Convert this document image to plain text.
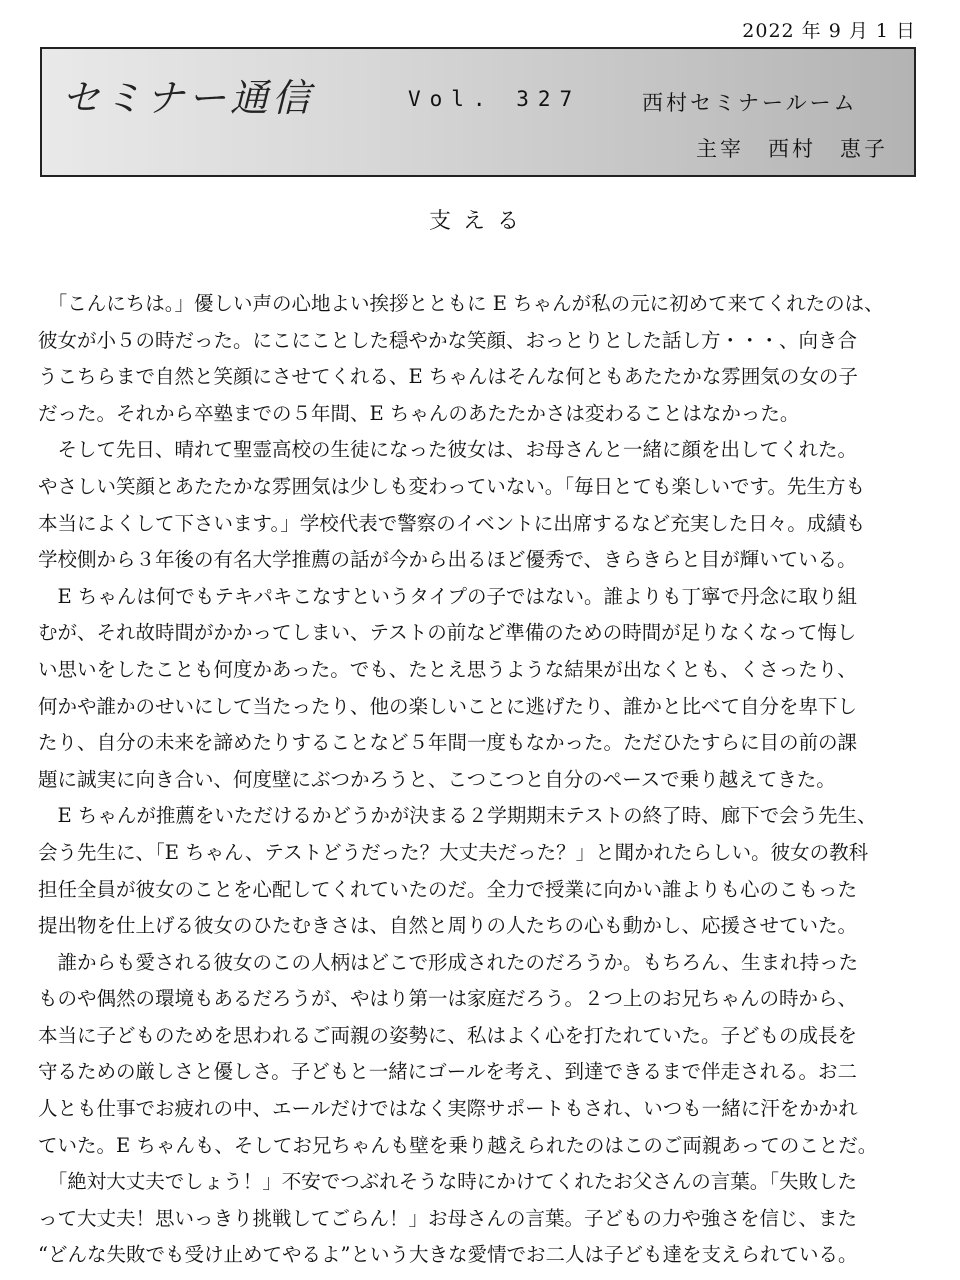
2022 年 9 月 1 日
セミナー通信	Vol. 327	西村セミナールーム
主宰　西村　恵子
支える
　「こんにちは。」優しい声の心地よい挨拶とともに E ちゃんが私の元に初めて来てくれたのは、
彼女が小５の時だった。にこにことした穏やかな笑顔、おっとりとした話し方・・・、向き合
うこちらまで自然と笑顔にさせてくれる、E ちゃんはそんな何ともあたたかな雰囲気の女の子
だった。それから卒塾までの５年間、E ちゃんのあたたかさは変わることはなかった。
　そして先日、晴れて聖霊高校の生徒になった彼女は、お母さんと一緒に顔を出してくれた。
やさしい笑顔とあたたかな雰囲気は少しも変わっていない。「毎日とても楽しいです。先生方も
本当によくして下さいます。」学校代表で警察のイベントに出席するなど充実した日々。成績も
学校側から３年後の有名大学推薦の話が今から出るほど優秀で、きらきらと目が輝いている。
　E ちゃんは何でもテキパキこなすというタイプの子ではない。誰よりも丁寧で丹念に取り組
むが、それ故時間がかかってしまい、テストの前など準備のための時間が足りなくなって悔し
い思いをしたことも何度かあった。でも、たとえ思うような結果が出なくとも、くさったり、
何かや誰かのせいにして当たったり、他の楽しいことに逃げたり、誰かと比べて自分を卑下し
たり、自分の未来を諦めたりすることなど５年間一度もなかった。ただひたすらに目の前の課
題に誠実に向き合い、何度壁にぶつかろうと、こつこつと自分のペースで乗り越えてきた。
　E ちゃんが推薦をいただけるかどうかが決まる２学期期末テストの終了時、廊下で会う先生、
会う先生に、「E ちゃん、テストどうだった？大丈夫だった？」と聞かれたらしい。彼女の教科
担任全員が彼女のことを心配してくれていたのだ。全力で授業に向かい誰よりも心のこもった
提出物を仕上げる彼女のひたむきさは、自然と周りの人たちの心も動かし、応援させていた。
　誰からも愛される彼女のこの人柄はどこで形成されたのだろうか。もちろん、生まれ持った
ものや偶然の環境もあるだろうが、やはり第一は家庭だろう。２つ上のお兄ちゃんの時から、
本当に子どものためを思われるご両親の姿勢に、私はよく心を打たれていた。子どもの成長を
守るための厳しさと優しさ。子どもと一緒にゴールを考え、到達できるまで伴走される。お二
人とも仕事でお疲れの中、エールだけではなく実際サポートもされ、いつも一緒に汗をかかれ
ていた。E ちゃんも、そしてお兄ちゃんも壁を乗り越えられたのはこのご両親あってのことだ。
　「絶対大丈夫でしょう！」不安でつぶれそうな時にかけてくれたお父さんの言葉。「失敗した
って大丈夫！思いっきり挑戦してごらん！」お母さんの言葉。子どもの力や強さを信じ、また
“どんな失敗でも受け止めてやるよ”という大きな愛情でお二人は子ども達を支えられている。
